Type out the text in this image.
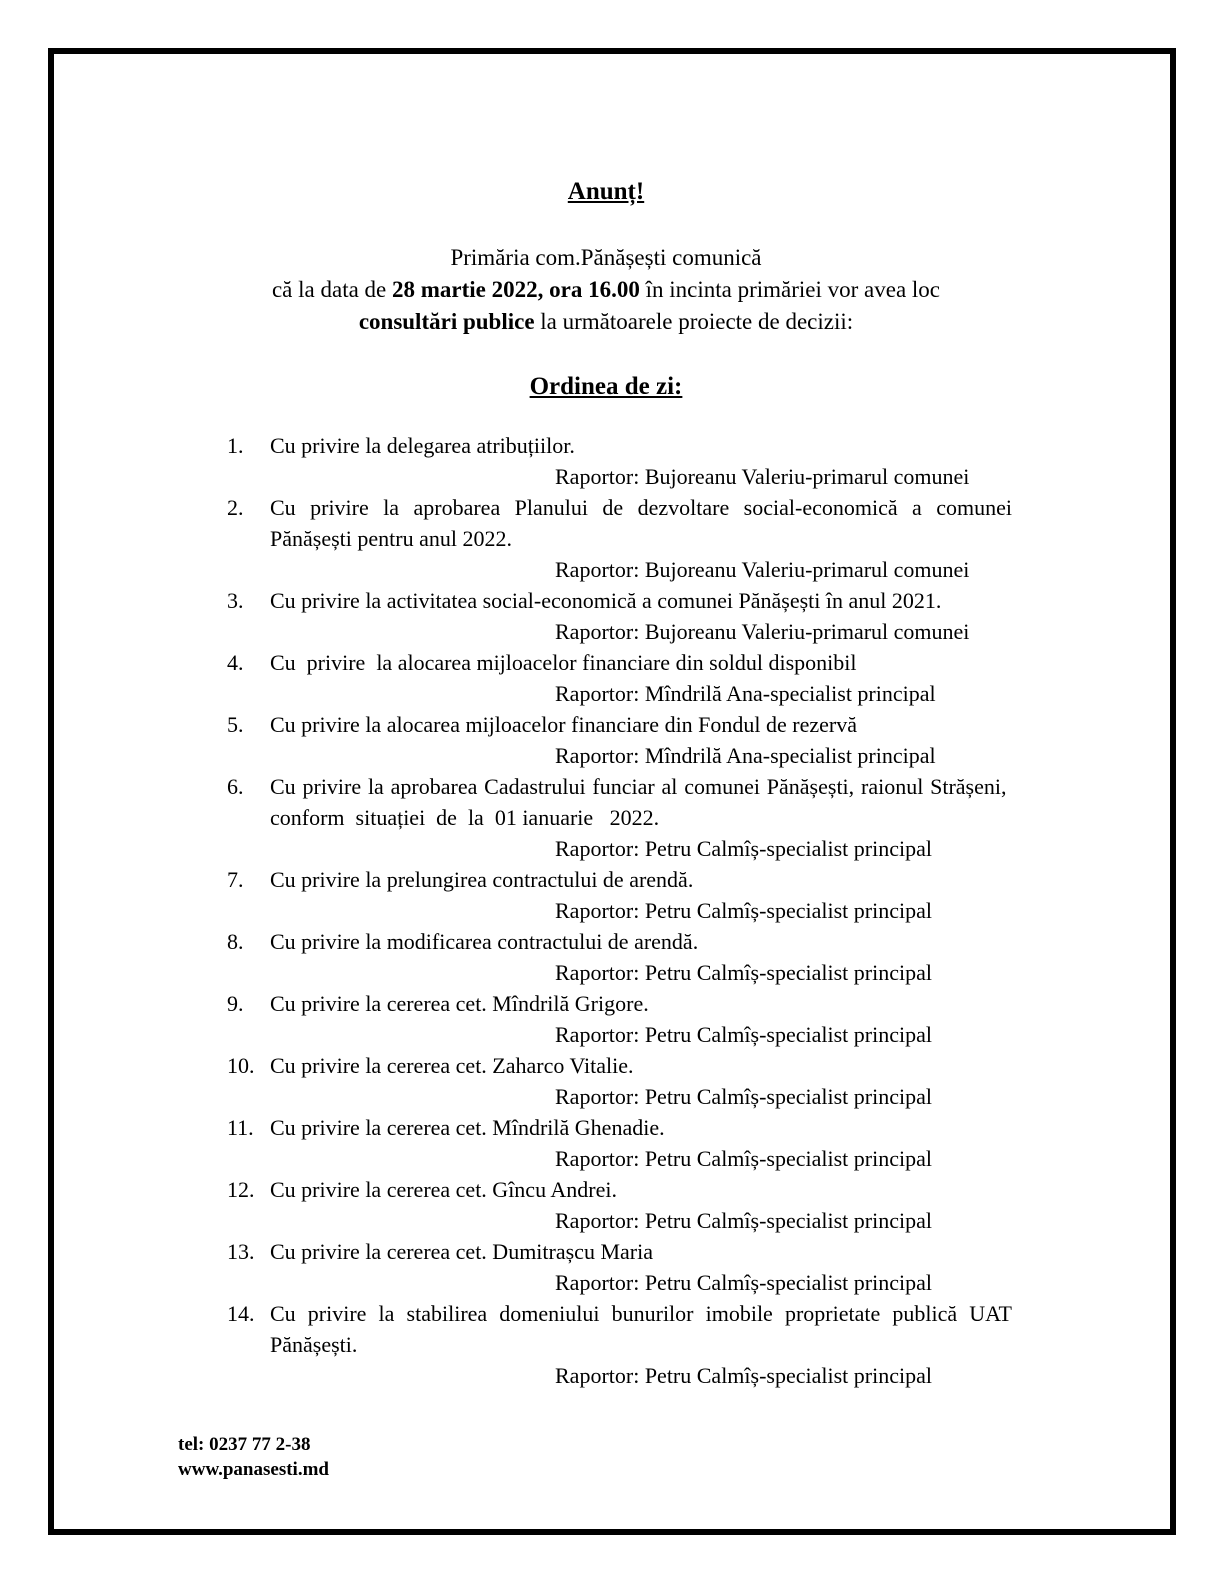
Anunț!
Primăria com.Pănășești comunică
că la data de 28 martie 2022, ora 16.00 în incinta primăriei vor avea loc
consultări publice la următoarele proiecte de decizii:
Ordinea de zi:
1. Cu privire la delegarea atribuțiilor.
Raportor: Bujoreanu Valeriu-primarul comunei
2. Cu privire la aprobarea Planului de dezvoltare social-economică a comunei Pănășești pentru anul 2022.
Raportor: Bujoreanu Valeriu-primarul comunei
3. Cu privire la activitatea social-economică a comunei Pănășești în anul 2021.
Raportor: Bujoreanu Valeriu-primarul comunei
4. Cu  privire  la alocarea mijloacelor financiare din soldul disponibil
Raportor: Mîndrilă Ana-specialist principal
5. Cu privire la alocarea mijloacelor financiare din Fondul de rezervă
Raportor: Mîndrilă Ana-specialist principal
6. Cu privire la aprobarea Cadastrului funciar al comunei Pănășești, raionul Strășeni,  conform  situației  de  la  01 ianuarie   2022.
Raportor: Petru Calmîș-specialist principal
7. Cu privire la prelungirea contractului de arendă.
Raportor: Petru Calmîș-specialist principal
8. Cu privire la modificarea contractului de arendă.
Raportor: Petru Calmîș-specialist principal
9. Cu privire la cererea cet. Mîndrilă Grigore.
Raportor: Petru Calmîș-specialist principal
10. Cu privire la cererea cet. Zaharco Vitalie.
Raportor: Petru Calmîș-specialist principal
11. Cu privire la cererea cet. Mîndrilă Ghenadie.
Raportor: Petru Calmîș-specialist principal
12. Cu privire la cererea cet. Gîncu Andrei.
Raportor: Petru Calmîș-specialist principal
13. Cu privire la cererea cet. Dumitrașcu Maria
Raportor: Petru Calmîș-specialist principal
14. Cu privire la stabilirea domeniului bunurilor imobile proprietate publică UAT Pănășești.
Raportor: Petru Calmîș-specialist principal
tel: 0237 77 2-38
www.panasesti.md
